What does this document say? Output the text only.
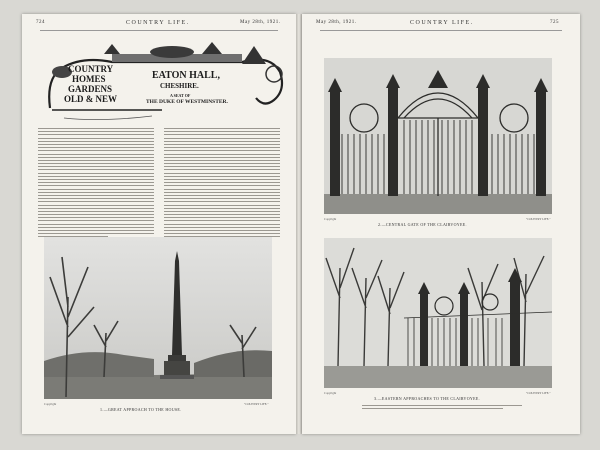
724	COUNTRY LIFE.	May 28th, 1921.
COUNTRY
HOMES
GARDENS
OLD & NEW
EATON HALL,
CHESHIRE.
A SEAT OF
THE DUKE OF WESTMINSTER.
Copyright
1.—GREAT APPROACH TO THE HOUSE.
"COUNTRY LIFE."
May 28th, 1921.	COUNTRY LIFE.	725
Copyright
2.—CENTRAL GATE OF THE CLAIRVOYEE.
"COUNTRY LIFE."
Copyright
3.—EASTERN APPROACHES TO THE CLAIRVOYEE.
"COUNTRY LIFE."
